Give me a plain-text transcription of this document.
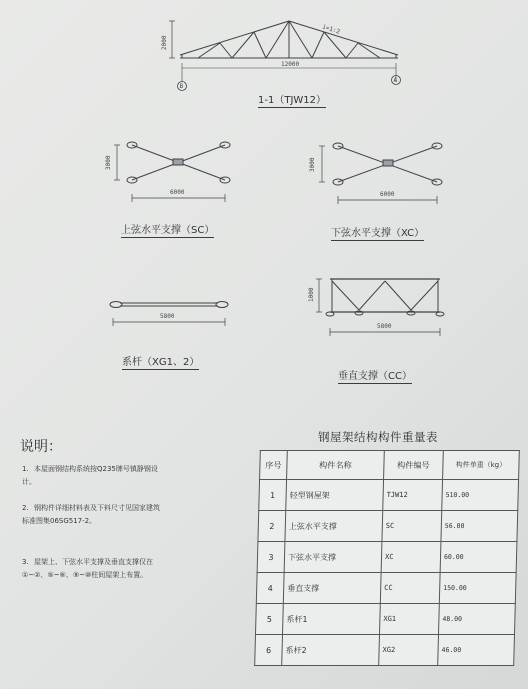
2000
12000
i=1:2
B
A
1-1（TJW12）
3000
6000
上弦水平支撑（SC）
3000
6000
下弦水平支撑（XC）
5800
系杆（XG1、2）
1000
5800
垂直支撑（CC）
说明：
1. 本屋面钢结构系统按Q235牌号镇静钢设计。
2. 钢构件详细材料表及下料尺寸见国家建筑标准图集06SG517-2。
3. 屋架上、下弦水平支撑及垂直支撑仅在①~②、⑤~⑥、⑨~⑩柱间屋架上布置。
钢屋架结构构件重量表
序号	构件名称	构件编号	构件单重（kg）
1	轻型钢屋架	TJW12	510.00
2	上弦水平支撑	SC	56.00
3	下弦水平支撑	XC	60.00
4	垂直支撑	CC	150.00
5	系杆1	XG1	48.00
6	系杆2	XG2	46.00
